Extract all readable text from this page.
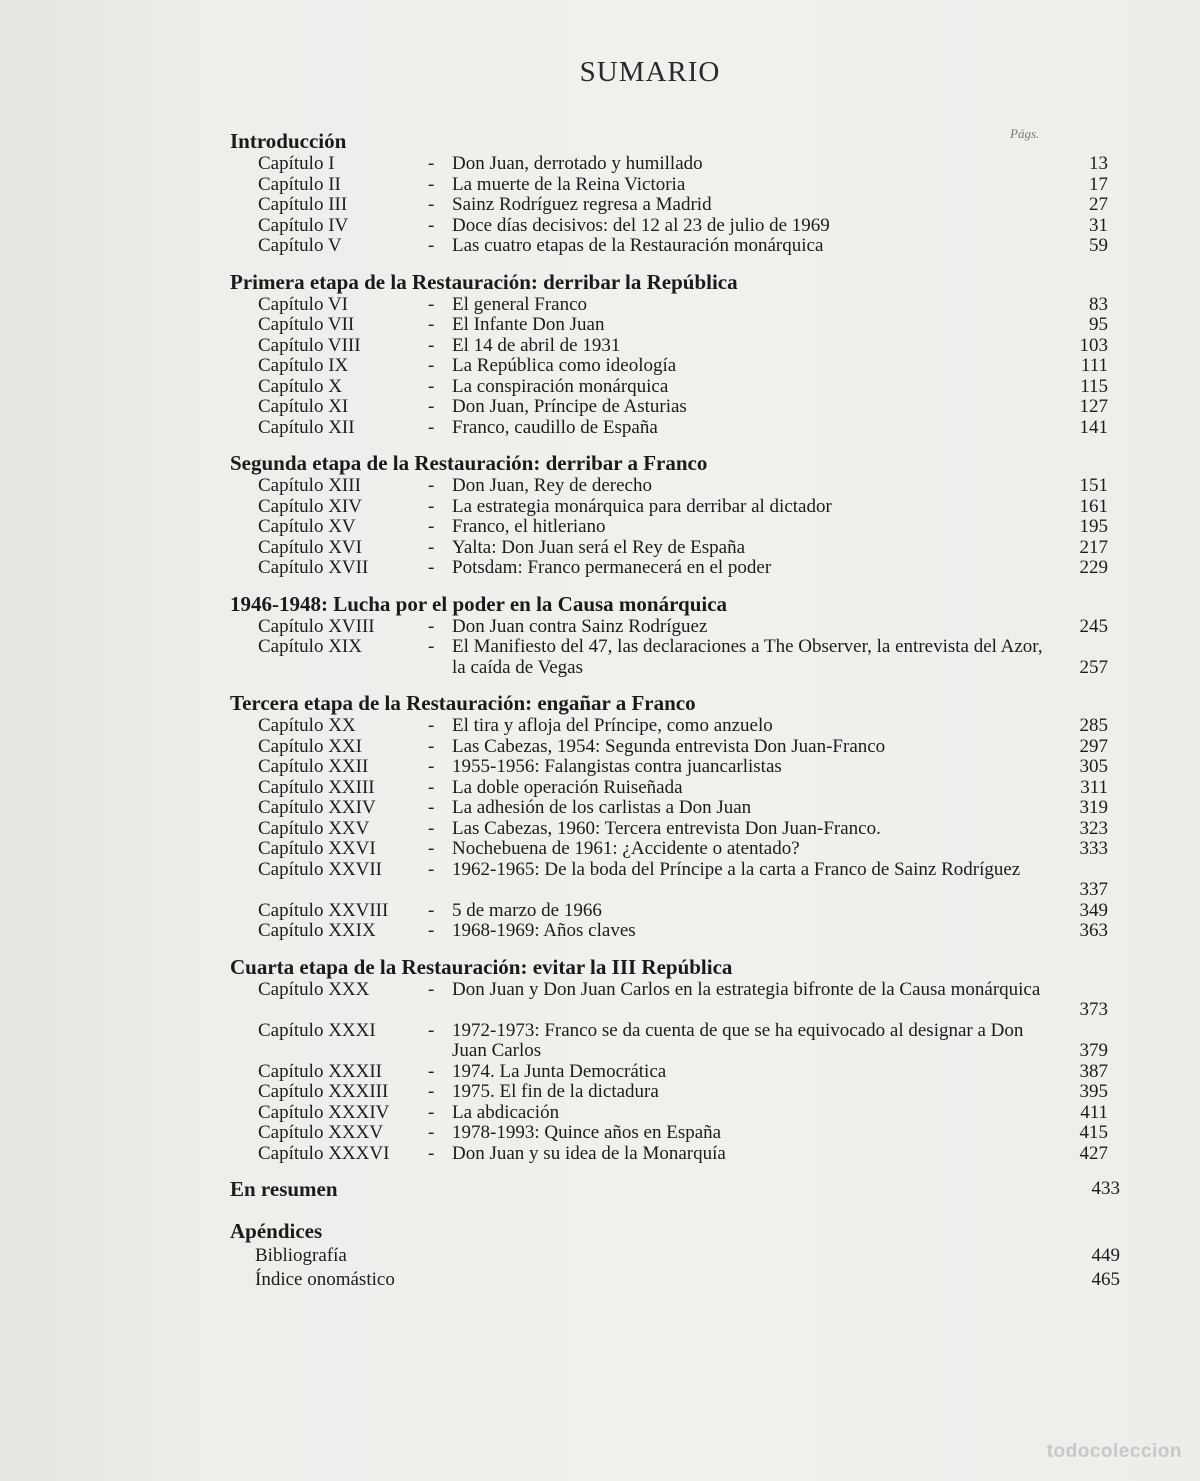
SUMARIO
Págs.
Introducción
Capítulo I	- Don Juan, derrotado y humillado	13
Capítulo II	- La muerte de la Reina Victoria	17
Capítulo III	- Sainz Rodríguez regresa a Madrid	27
Capítulo IV	- Doce días decisivos: del 12 al 23 de julio de 1969	31
Capítulo V	- Las cuatro etapas de la Restauración monárquica	59
Primera etapa de la Restauración: derribar la República
Capítulo VI	- El general Franco	83
Capítulo VII	- El Infante Don Juan	95
Capítulo VIII	- El 14 de abril de 1931	103
Capítulo IX	- La República como ideología	111
Capítulo X	- La conspiración monárquica	115
Capítulo XI	- Don Juan, Príncipe de Asturias	127
Capítulo XII	- Franco, caudillo de España	141
Segunda etapa de la Restauración: derribar a Franco
Capítulo XIII	- Don Juan, Rey de derecho	151
Capítulo XIV	- La estrategia monárquica para derribar al dictador	161
Capítulo XV	- Franco, el hitleriano	195
Capítulo XVI	- Yalta: Don Juan será el Rey de España	217
Capítulo XVII	- Potsdam: Franco permanecerá en el poder	229
1946-1948: Lucha por el poder en la Causa monárquica
Capítulo XVIII	- Don Juan contra Sainz Rodríguez	245
Capítulo XIX	- El Manifiesto del 47, las declaraciones a The Observer, la entrevista del Azor, la caída de Vegas	257
Tercera etapa de la Restauración: engañar a Franco
Capítulo XX	- El tira y afloja del Príncipe, como anzuelo	285
Capítulo XXI	- Las Cabezas, 1954: Segunda entrevista Don Juan-Franco	297
Capítulo XXII	- 1955-1956: Falangistas contra juancarlistas	305
Capítulo XXIII	- La doble operación Ruiseñada	311
Capítulo XXIV	- La adhesión de los carlistas a Don Juan	319
Capítulo XXV	- Las Cabezas, 1960: Tercera entrevista Don Juan-Franco.	323
Capítulo XXVI	- Nochebuena de 1961: ¿Accidente o atentado?	333
Capítulo XXVII - 1962-1965: De la boda del Príncipe a la carta a Franco de Sainz Rodríguez
337
Capítulo XXVIII - 5 de marzo de 1966	349
Capítulo XXIX	- 1968-1969: Años claves	363
Cuarta etapa de la Restauración: evitar la III República
Capítulo XXX	- Don Juan y Don Juan Carlos en la estrategia bifronte de la Causa monárquica
373
Capítulo XXXI	- 1972-1973: Franco se da cuenta de que se ha equivocado al designar a Don Juan Carlos	379
Capítulo XXXII - 1974. La Junta Democrática	387
Capítulo XXXIII - 1975. El fin de la dictadura	395
Capítulo XXXIV - La abdicación	411
Capítulo XXXV - 1978-1993: Quince años en España	415
Capítulo XXXVI - Don Juan y su idea de la Monarquía	427
En resumen	433
Apéndices
Bibliografía	449
Índice onomástico	465
todocoleccion
